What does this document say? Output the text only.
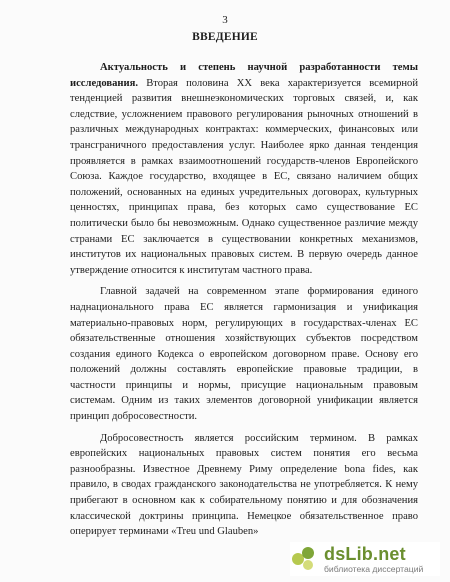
3
ВВЕДЕНИЕ

Актуальность и степень научной разработанности темы исследования. Вторая половина XX века характеризуется всемирной тенденцией развития внешнеэкономических торговых связей, и, как следствие, усложнением правового регулирования рыночных отношений в различных международных контрактах: коммерческих, финансовых или трансграничного предоставления услуг. Наиболее ярко данная тенденция проявляется в рамках взаимоотношений государств-членов Европейского Союза. Каждое государство, входящее в ЕС, связано наличием общих положений, основанных на единых учредительных договорах, культурных ценностях, принципах права, без которых само существование ЕС политически было бы невозможным. Однако существенное различие между странами ЕС заключается в существовании конкретных механизмов, институтов их национальных правовых систем. В первую очередь данное утверждение относится к институтам частного права.

Главной задачей на современном этапе формирования единого наднационального права ЕС является гармонизация и унификация материально-правовых норм, регулирующих в государствах-членах ЕС обязательственные отношения хозяйствующих субъектов посредством создания единого Кодекса о европейском договорном праве. Основу его положений должны составлять европейские правовые традиции, в частности принципы и нормы, присущие национальным правовым системам. Одним из таких элементов договорной унификации является принцип добросовестности.

Добросовестность является российским термином. В рамках европейских национальных правовых систем понятия его весьма разнообразны. Известное Древнему Риму определение bona fides, как правило, в сводах гражданского законодательства не употребляется. К нему прибегают в основном как к собирательному понятию и для обозначения классической доктрины принципа. Немецкое обязательственное право оперирует терминами «Treu und Glauben»

dsLib.net
библиотека диссертаций
